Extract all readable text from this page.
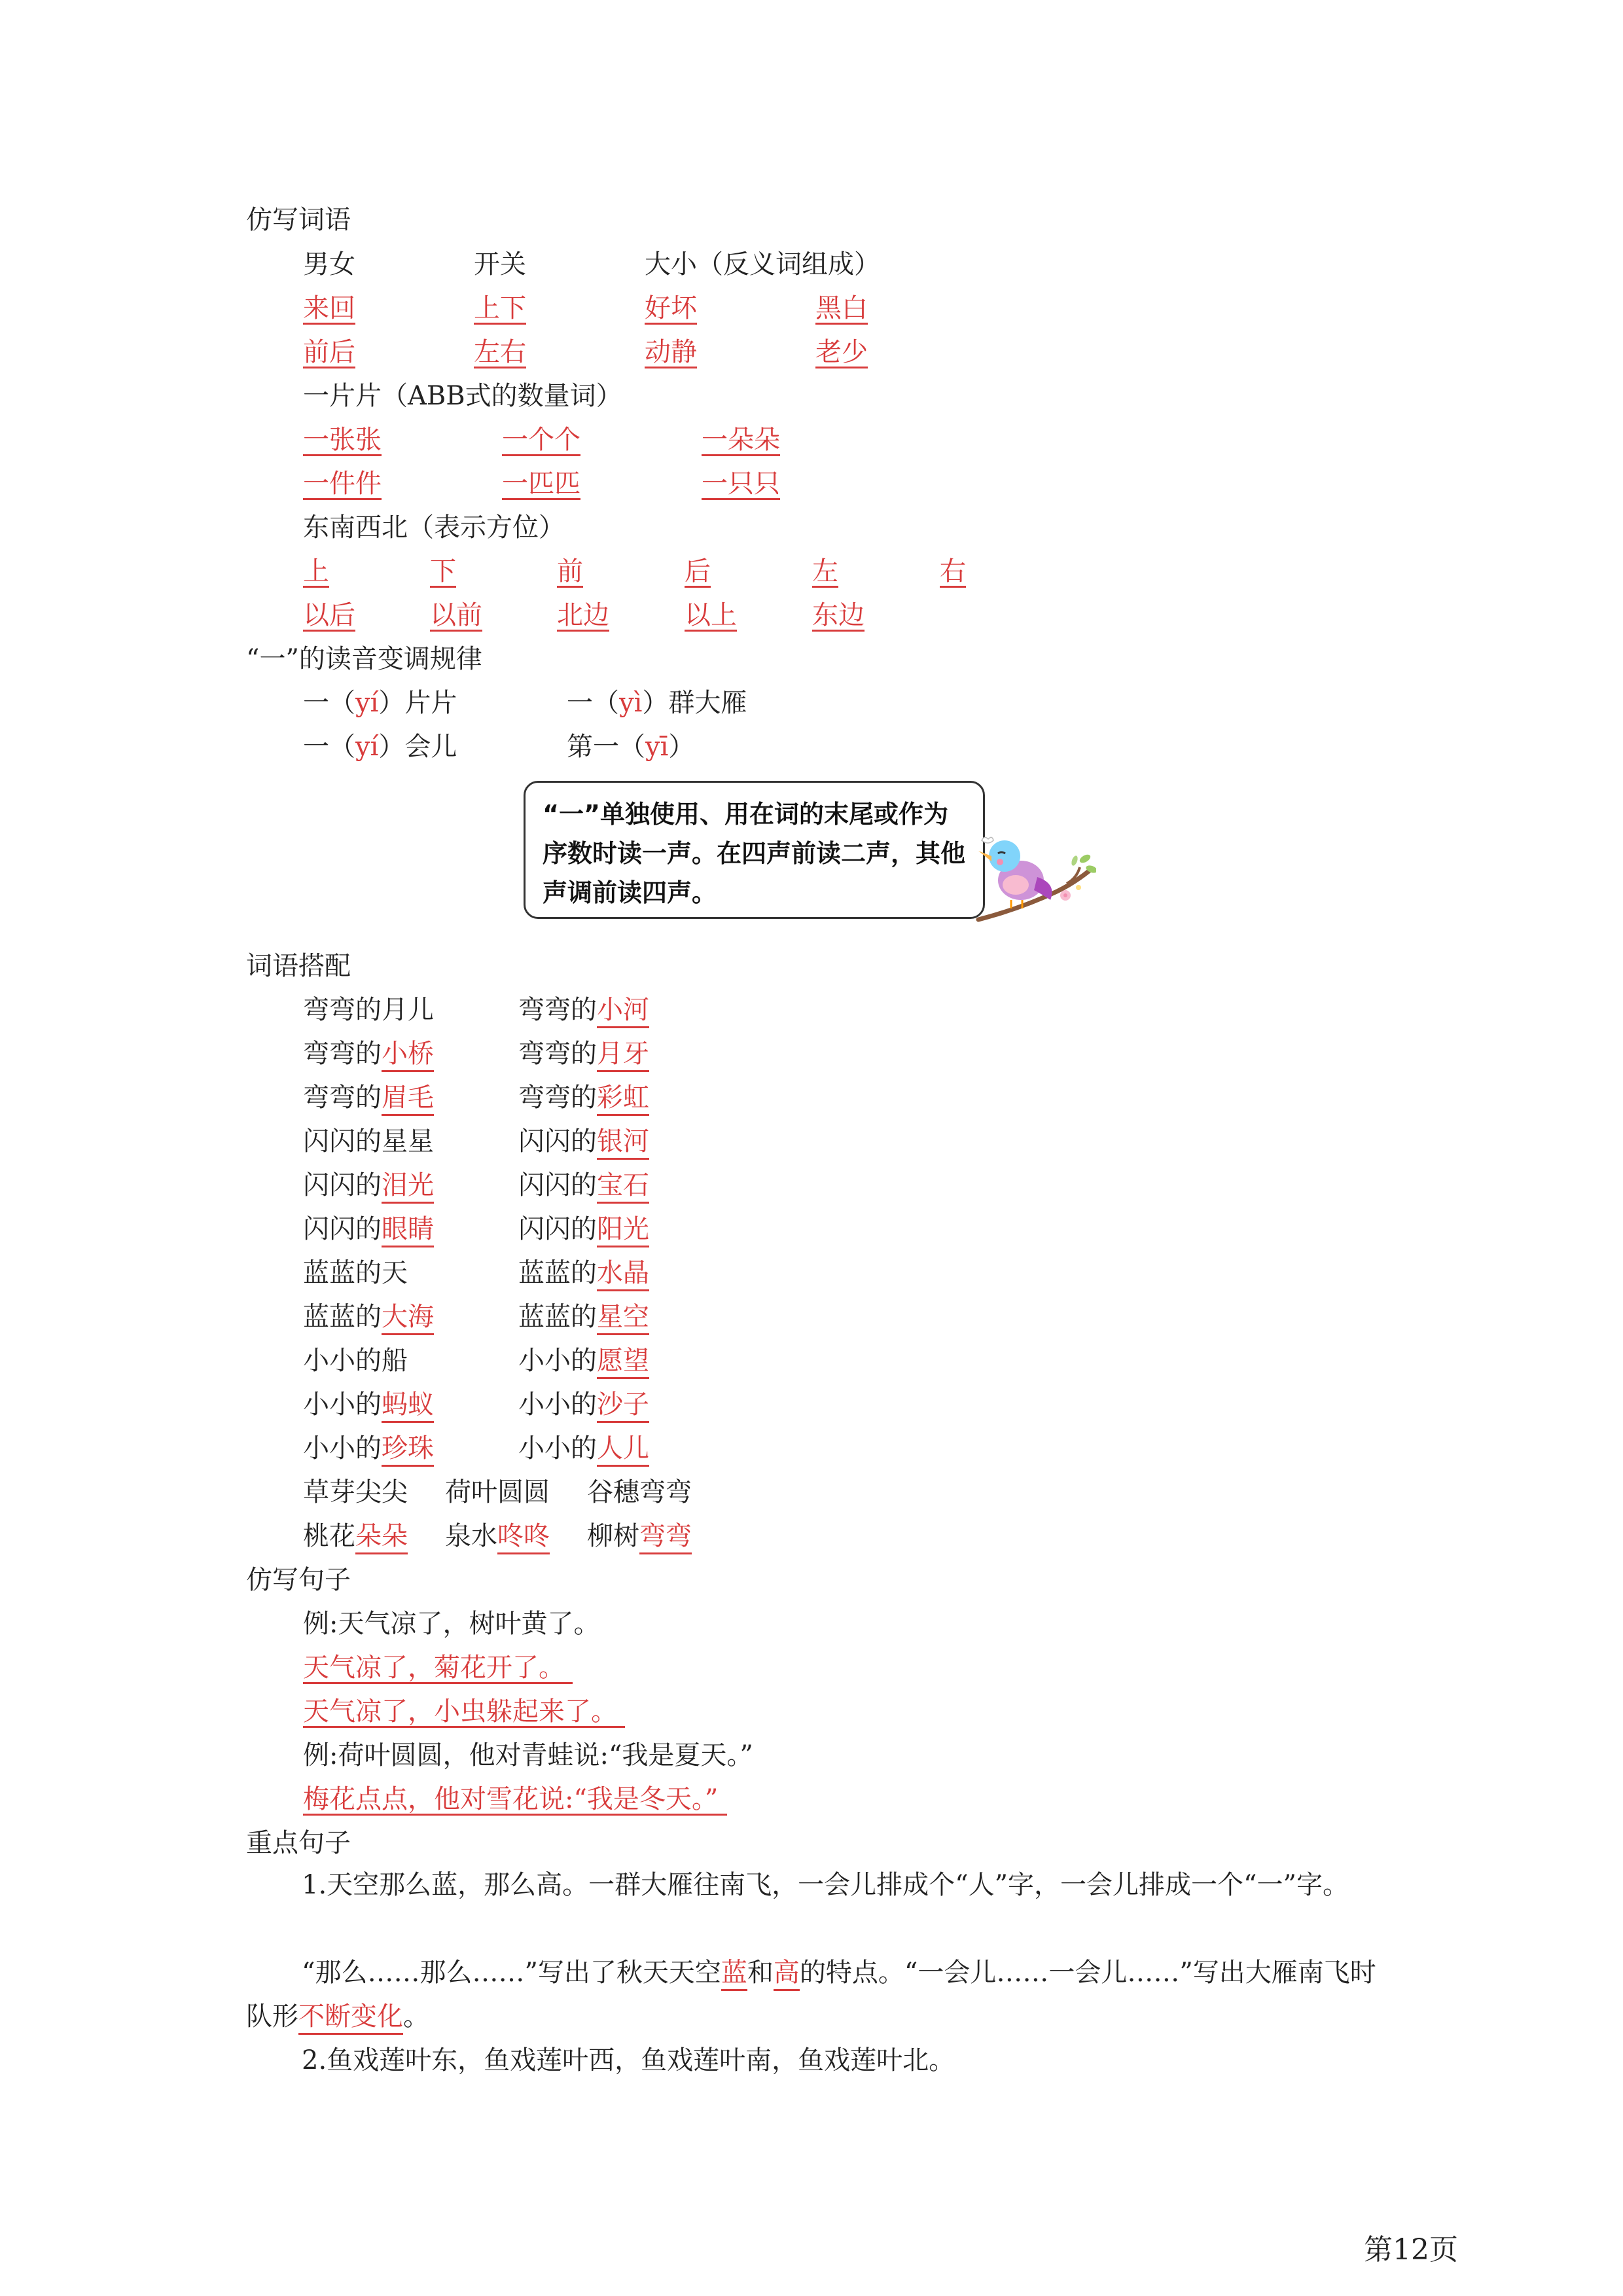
仿写词语
男女	开关	大小（反义词组成）
来回	上下	好坏	黑白
前后	左右	动静	老少
一片片（ABB式的数量词）
一张张	一个个	一朵朵
一件件	一匹匹	一只只
东南西北（表示方位）
上	下	前	后	左	右
以后	以前	北边	以上	东边
“一”的读音变调规律
一（yí）片片	一（yì）群大雁
一（yí）会儿	第一（yī）
“一”单独使用、用在词的末尾或作为序数时读一声。在四声前读二声，其他声调前读四声。
词语搭配
弯弯的月儿	弯弯的小河
弯弯的小桥	弯弯的月牙
弯弯的眉毛	弯弯的彩虹
闪闪的星星	闪闪的银河
闪闪的泪光	闪闪的宝石
闪闪的眼睛	闪闪的阳光
蓝蓝的天	蓝蓝的水晶
蓝蓝的大海	蓝蓝的星空
小小的船	小小的愿望
小小的蚂蚁	小小的沙子
小小的珍珠	小小的人儿
草芽尖尖 荷叶圆圆 谷穗弯弯
桃花朵朵 泉水咚咚 柳树弯弯
仿写句子
例:天气凉了，树叶黄了。
天气凉了，菊花开了。
天气凉了，小虫躲起来了。
例:荷叶圆圆，他对青蛙说:“我是夏天。”
梅花点点，他对雪花说:“我是冬天。”
重点句子
1.天空那么蓝，那么高。一群大雁往南飞，一会儿排成个“人”字，一会儿排成一个“一”字。
“那么……那么……”写出了秋天天空蓝和高的特点。“一会儿……一会儿……”写出大雁南飞时队形不断变化。
2.鱼戏莲叶东，鱼戏莲叶西，鱼戏莲叶南，鱼戏莲叶北。
第12页
